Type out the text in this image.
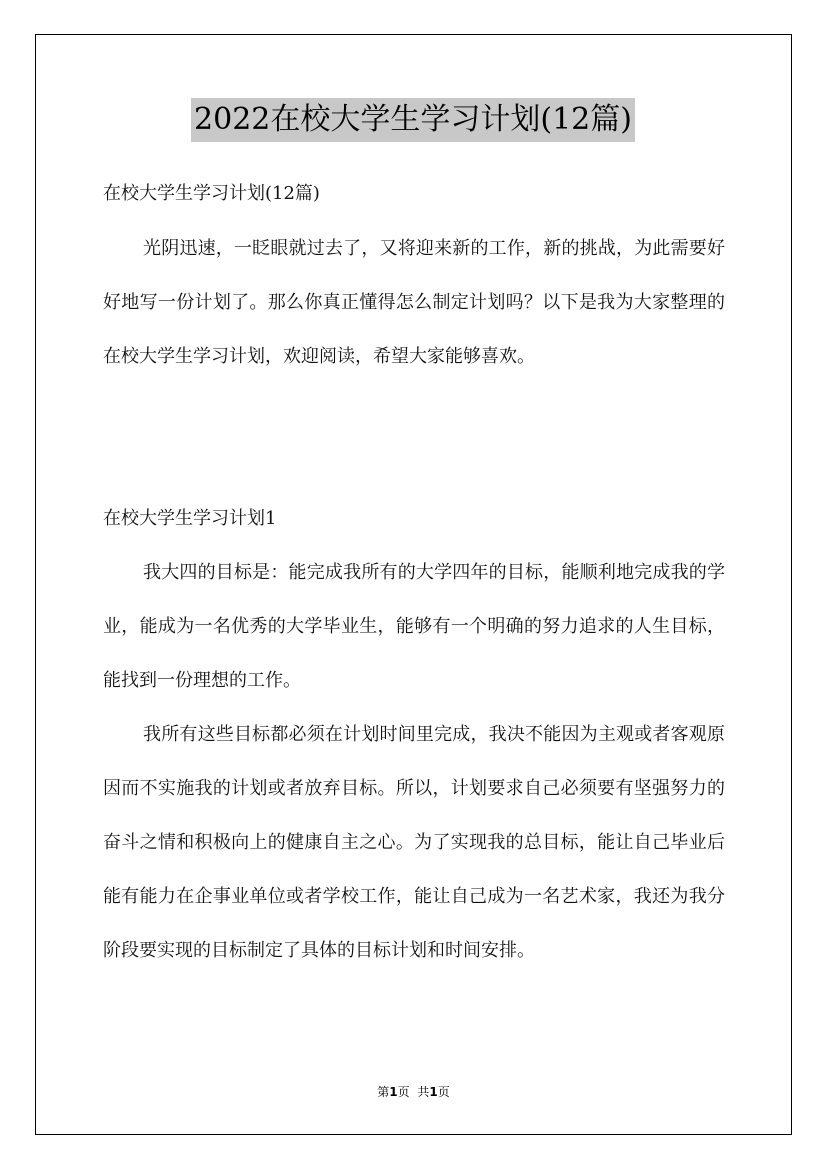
2022在校大学生学习计划(12篇)

在校大学生学习计划(12篇)

光阴迅速，一眨眼就过去了，又将迎来新的工作，新的挑战，为此需要好好地写一份计划了。那么你真正懂得怎么制定计划吗？以下是我为大家整理的在校大学生学习计划，欢迎阅读，希望大家能够喜欢。

在校大学生学习计划1

我大四的目标是：能完成我所有的大学四年的目标，能顺利地完成我的学业，能成为一名优秀的大学毕业生，能够有一个明确的努力追求的人生目标，能找到一份理想的工作。

我所有这些目标都必须在计划时间里完成，我决不能因为主观或者客观原因而不实施我的计划或者放弃目标。所以，计划要求自己必须要有坚强努力的奋斗之情和积极向上的健康自主之心。为了实现我的总目标，能让自己毕业后能有能力在企事业单位或者学校工作，能让自己成为一名艺术家，我还为我分阶段要实现的目标制定了具体的目标计划和时间安排。

第1页 共1页
